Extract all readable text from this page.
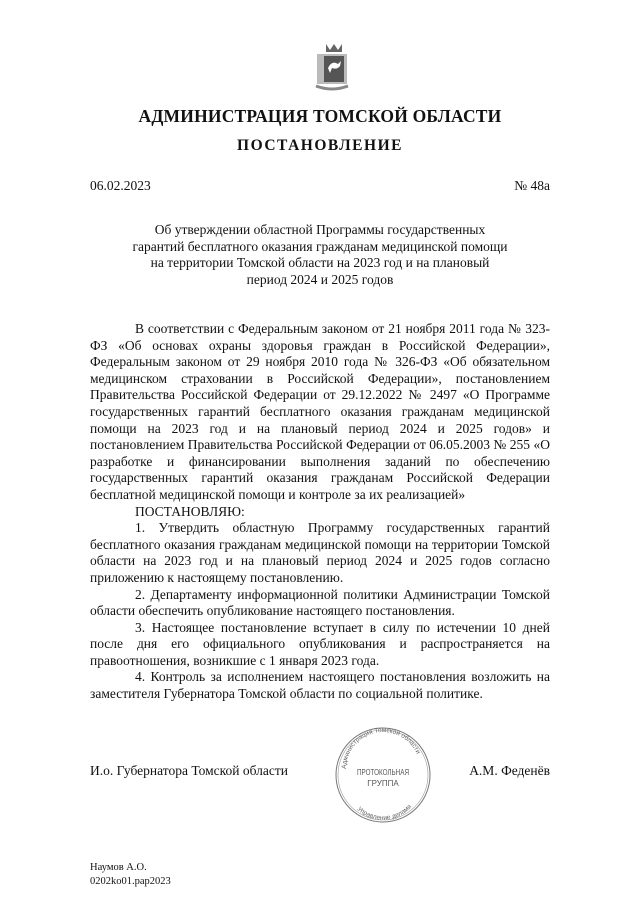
АДМИНИСТРАЦИЯ ТОМСКОЙ ОБЛАСТИ
ПОСТАНОВЛЕНИЕ
06.02.2023	№ 48а
Об утверждении областной Программы государственных гарантий бесплатного оказания гражданам медицинской помощи на территории Томской области на 2023 год и на плановый период 2024 и 2025 годов

В соответствии с Федеральным законом от 21 ноября 2011 года № 323-ФЗ «Об основах охраны здоровья граждан в Российской Федерации», Федеральным законом от 29 ноября 2010 года № 326-ФЗ «Об обязательном медицинском страховании в Российской Федерации», постановлением Правительства Российской Федерации от 29.12.2022 № 2497 «О Программе государственных гарантий бесплатного оказания гражданам медицинской помощи на 2023 год и на плановый период 2024 и 2025 годов» и постановлением Правительства Российской Федерации от 06.05.2003 № 255 «О разработке и финансировании выполнения заданий по обеспечению государственных гарантий оказания гражданам Российской Федерации бесплатной медицинской помощи и контроле за их реализацией»

ПОСТАНОВЛЯЮ:

1. Утвердить областную Программу государственных гарантий бесплатного оказания гражданам медицинской помощи на территории Томской области на 2023 год и на плановый период 2024 и 2025 годов согласно приложению к настоящему постановлению.

2. Департаменту информационной политики Администрации Томской области обеспечить опубликование настоящего постановления.

3. Настоящее постановление вступает в силу по истечении 10 дней после дня его официального опубликования и распространяется на правоотношения, возникшие с 1 января 2023 года.

4. Контроль за исполнением настоящего постановления возложить на заместителя Губернатора Томской области по социальной политике.

И.о. Губернатора Томской области	А.М. Феденёв
Администрация Томской области
Управление делами
ПРОТОКОЛЬНАЯ
ГРУППА
Наумов А.О.
0202ko01.pap2023
